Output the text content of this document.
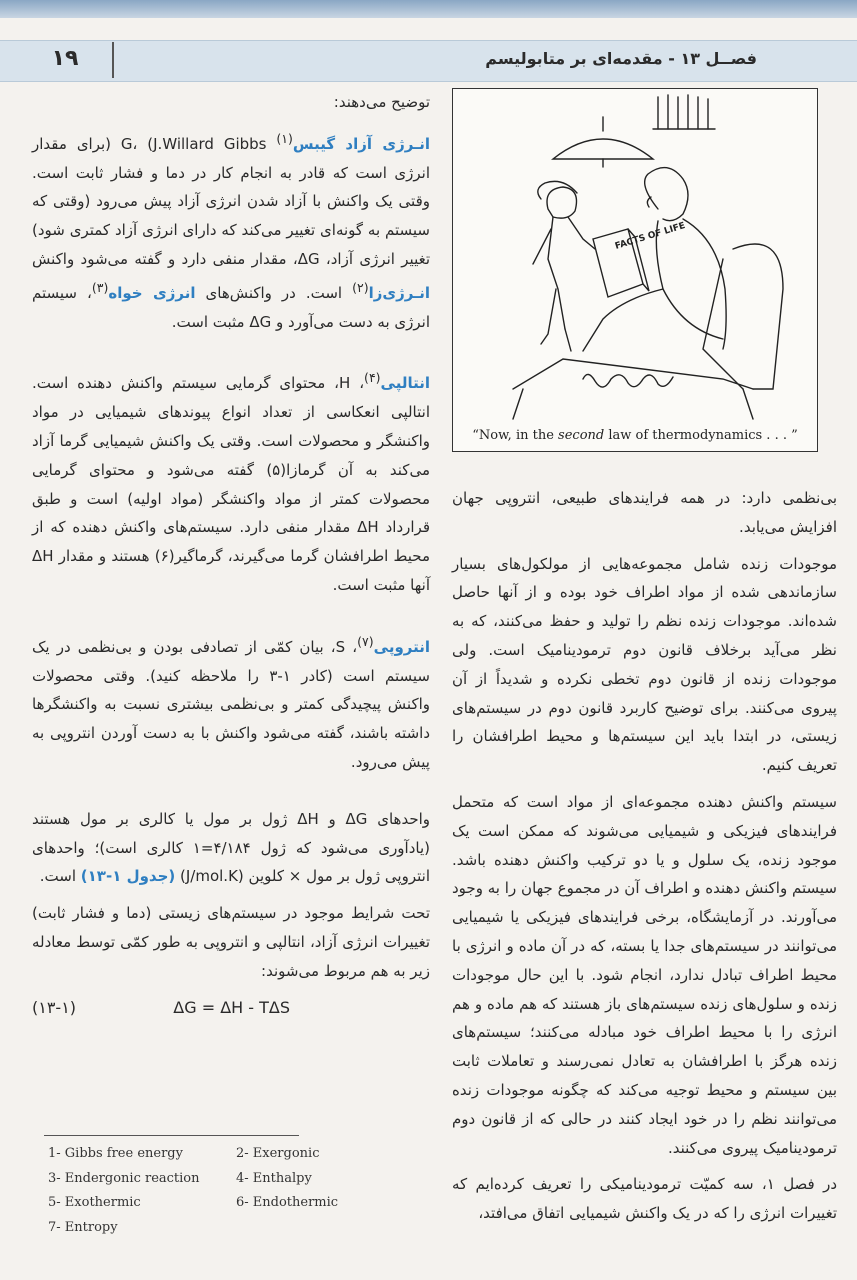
۱۹	فصــل ۱۳ - مقدمه‌ای بر متابولیسم
FACTS OF LIFE
“Now, in the second law of thermodynamics . . . ”

توضیح می‌دهند:

انـرژی آزاد گیبس$^{(۱)}$ G، (J.Willard Gibbs (برای مقدار انرژی است که قادر به انجام کار در دما و فشار ثابت است. وقتی یک واکنش با آزاد شدن انرژی آزاد پیش می‌رود (وقتی که سیستم به گونه‌ای تغییر می‌کند که دارای انرژی آزاد کمتری شود) تغییر انرژی آزاد، ΔG، مقدار منفی دارد و گفته می‌شود واکنش انـرژی‌زا$^{(۲)}$ است. در واکنش‌های انرژی خواه$^{(۳)}$، سیستم انرژی به دست می‌آورد و ΔG مثبت است.

انتالپی$^{(۴)}$، H، محتوای گرمایی سیستم واکنش دهنده است. انتالپی انعکاسی از تعداد انواع پیوندهای شیمیایی در مواد واکنشگر و محصولات است. وقتی یک واکنش شیمیایی گرما آزاد می‌کند به آن گرمازا(۵) گفته می‌شود و محتوای گرمایی محصولات کمتر از مواد واکنشگر (مواد اولیه) است و طبق قرارداد ΔH مقدار منفی دارد. سیستم‌های واکنش دهنده که از محیط اطرافشان گرما می‌گیرند، گرماگیر(۶) هستند و مقدار ΔH آنها مثبت است.

انتروپی$^{(۷)}$، S، بیان کمّی از تصادفی بودن و بی‌نظمی در یک سیستم است (کادر ۱-۳ را ملاحظه کنید). وقتی محصولات واکنش پیچیدگی کمتر و بی‌نظمی بیشتری نسبت به واکنشگرها داشته باشند، گفته می‌شود واکنش با به دست آوردن انتروپی به پیش می‌رود.

واحدهای ΔG و ΔH ژول بر مول یا کالری بر مول هستند (یادآوری می‌شود که ژول ۴/۱۸۴=۱ کالری است)؛ واحدهای انتروپی ژول بر مول × کلوین (J/mol.K) (جدول ۱-۱۳) است.

تحت شرایط موجود در سیستم‌های زیستی (دما و فشار ثابت) تغییرات انرژی آزاد، انتالپی و انتروپی به طور کمّی توسط معادله زیر به هم مربوط می‌شوند:

(۱۳-۱)	ΔG = ΔH - TΔS

بی‌نظمی دارد: در همه فرایندهای طبیعی، انتروپی جهان افزایش می‌یابد.

موجودات زنده شامل مجموعه‌هایی از مولکول‌های بسیار سازماندهی شده از مواد اطراف خود بوده و از آنها حاصل شده‌اند. موجودات زنده نظم را تولید و حفظ می‌کنند، که به نظر می‌آید برخلاف قانون دوم ترمودینامیک است. ولی موجودات زنده از قانون دوم تخطی نکرده و شدیداً از آن پیروی می‌کنند. برای توضیح کاربرد قانون دوم در سیستم‌های زیستی، در ابتدا باید این سیستم‌ها و محیط اطرافشان را تعریف کنیم.

سیستم واکنش دهنده مجموعه‌ای از مواد است که متحمل فرایندهای فیزیکی و شیمیایی می‌شوند که ممکن است یک موجود زنده، یک سلول و یا دو ترکیب واکنش دهنده باشد. سیستم واکنش دهنده و اطراف آن در مجموع جهان را به وجود می‌آورند. در آزمایشگاه، برخی فرایندهای فیزیکی یا شیمیایی می‌توانند در سیستم‌های جدا یا بسته، که در آن ماده و انرژی با محیط اطراف تبادل ندارد، انجام شود. با این حال موجودات زنده و سلول‌های زنده سیستم‌های باز هستند که هم ماده و هم انرژی را با محیط اطراف خود مبادله می‌کنند؛ سیستم‌های زنده هرگز با اطرافشان به تعادل نمی‌رسند و تعاملات ثابت بین سیستم و محیط توجیه می‌کند که چگونه موجودات زنده می‌توانند نظم را در خود ایجاد کنند در حالی که از قانون دوم ترمودینامیک پیروی می‌کنند.

در فصل ۱، سه کمیّت ترمودینامیکی را تعریف کرده‌ایم که تغییرات انرژی را که در یک واکنش شیمیایی اتفاق می‌افتد،

1- Gibbs free energy	2- Exergonic
3- Endergonic reaction	4- Enthalpy
5- Exothermic	6- Endothermic
7- Entropy
